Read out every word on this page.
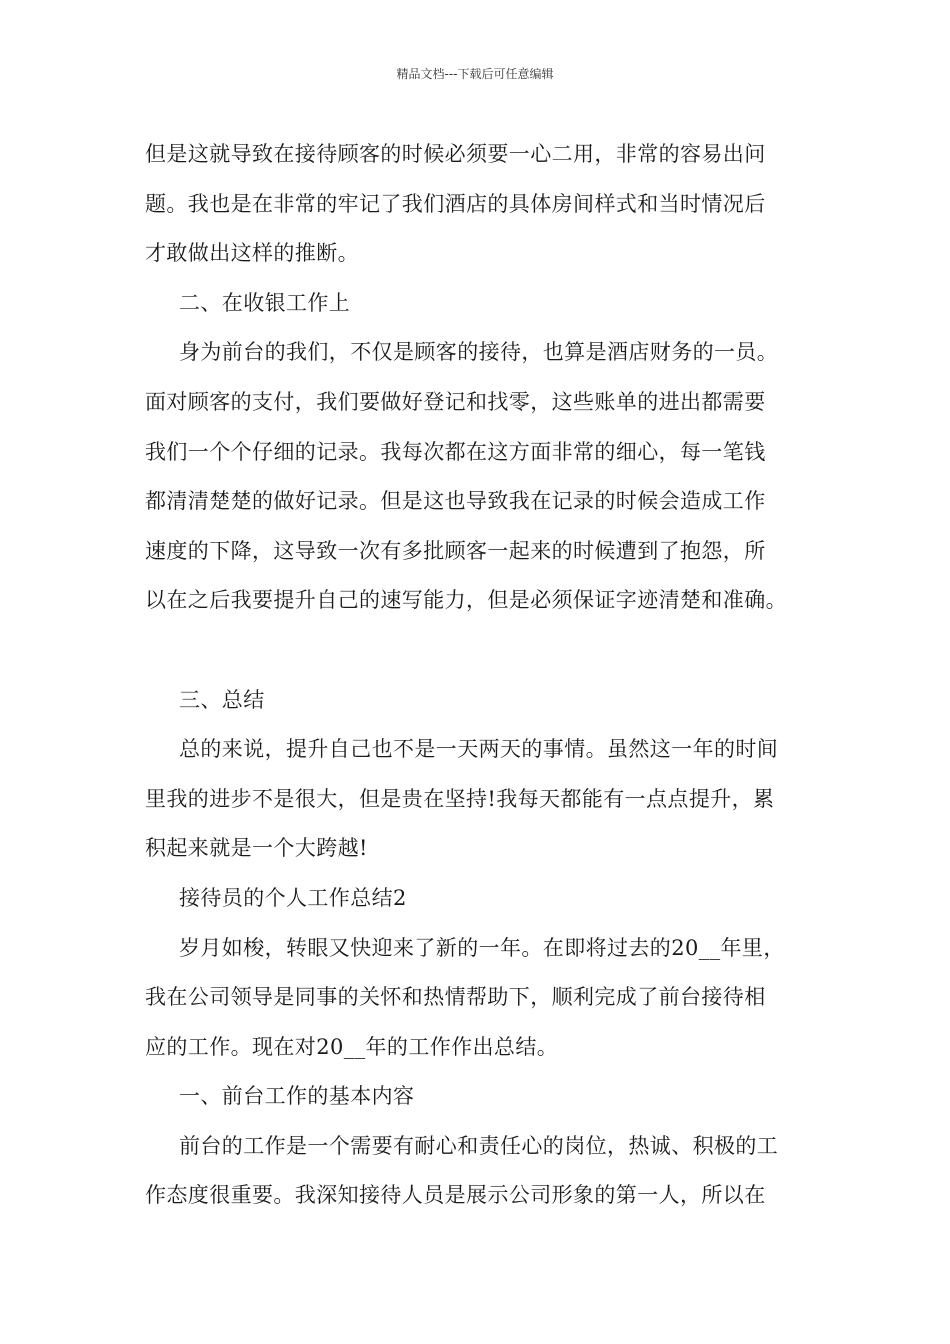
精品文档---下载后可任意编辑
但是这就导致在接待顾客的时候必须要一心二用，非常的容易出问
题。我也是在非常的牢记了我们酒店的具体房间样式和当时情况后
才敢做出这样的推断。
二、在收银工作上
身为前台的我们，不仅是顾客的接待，也算是酒店财务的一员。
面对顾客的支付，我们要做好登记和找零，这些账单的进出都需要
我们一个个仔细的记录。我每次都在这方面非常的细心，每一笔钱
都清清楚楚的做好记录。但是这也导致我在记录的时候会造成工作
速度的下降，这导致一次有多批顾客一起来的时候遭到了抱怨，所
以在之后我要提升自己的速写能力，但是必须保证字迹清楚和准确。
三、总结
总的来说，提升自己也不是一天两天的事情。虽然这一年的时间
里我的进步不是很大，但是贵在坚持!我每天都能有一点点提升，累
积起来就是一个大跨越!
接待员的个人工作总结2
岁月如梭，转眼又快迎来了新的一年。在即将过去的20__年里，
我在公司领导是同事的关怀和热情帮助下，顺利完成了前台接待相
应的工作。现在对20__年的工作作出总结。
一、前台工作的基本内容
前台的工作是一个需要有耐心和责任心的岗位，热诚、积极的工
作态度很重要。我深知接待人员是展示公司形象的第一人，所以在
